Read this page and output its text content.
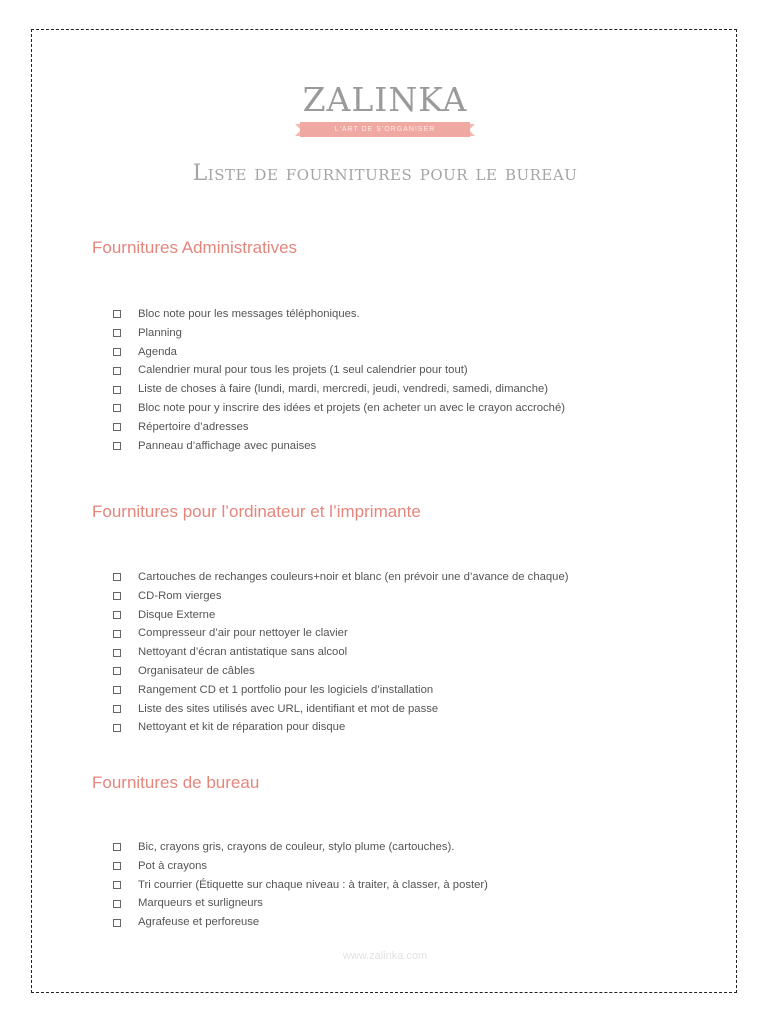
ZALINKA
L'ART DE S'ORGANISER
Liste de fournitures pour le bureau
Fournitures Administratives
Bloc note pour les messages téléphoniques.
Planning
Agenda
Calendrier mural pour tous les projets (1 seul calendrier pour tout)
Liste de choses à faire (lundi, mardi, mercredi, jeudi, vendredi, samedi, dimanche)
Bloc note pour y inscrire des idées et projets (en acheter un avec le crayon accroché)
Répertoire d’adresses
Panneau d’affichage avec punaises
Fournitures pour l’ordinateur et l’imprimante
Cartouches de rechanges couleurs+noir et blanc (en prévoir une d’avance de chaque)
CD-Rom vierges
Disque Externe
Compresseur d’air pour nettoyer le clavier
Nettoyant d’écran antistatique sans alcool
Organisateur de câbles
Rangement CD et 1 portfolio pour les logiciels d’installation
Liste des sites utilisés avec URL, identifiant et mot de passe
Nettoyant et kit de réparation pour disque
Fournitures de bureau
Bic, crayons gris, crayons de couleur, stylo plume (cartouches).
Pot à crayons
Tri courrier (Étiquette sur chaque niveau : à traiter, à classer, à poster)
Marqueurs et surligneurs
Agrafeuse et perforeuse
www.zalinka.com
